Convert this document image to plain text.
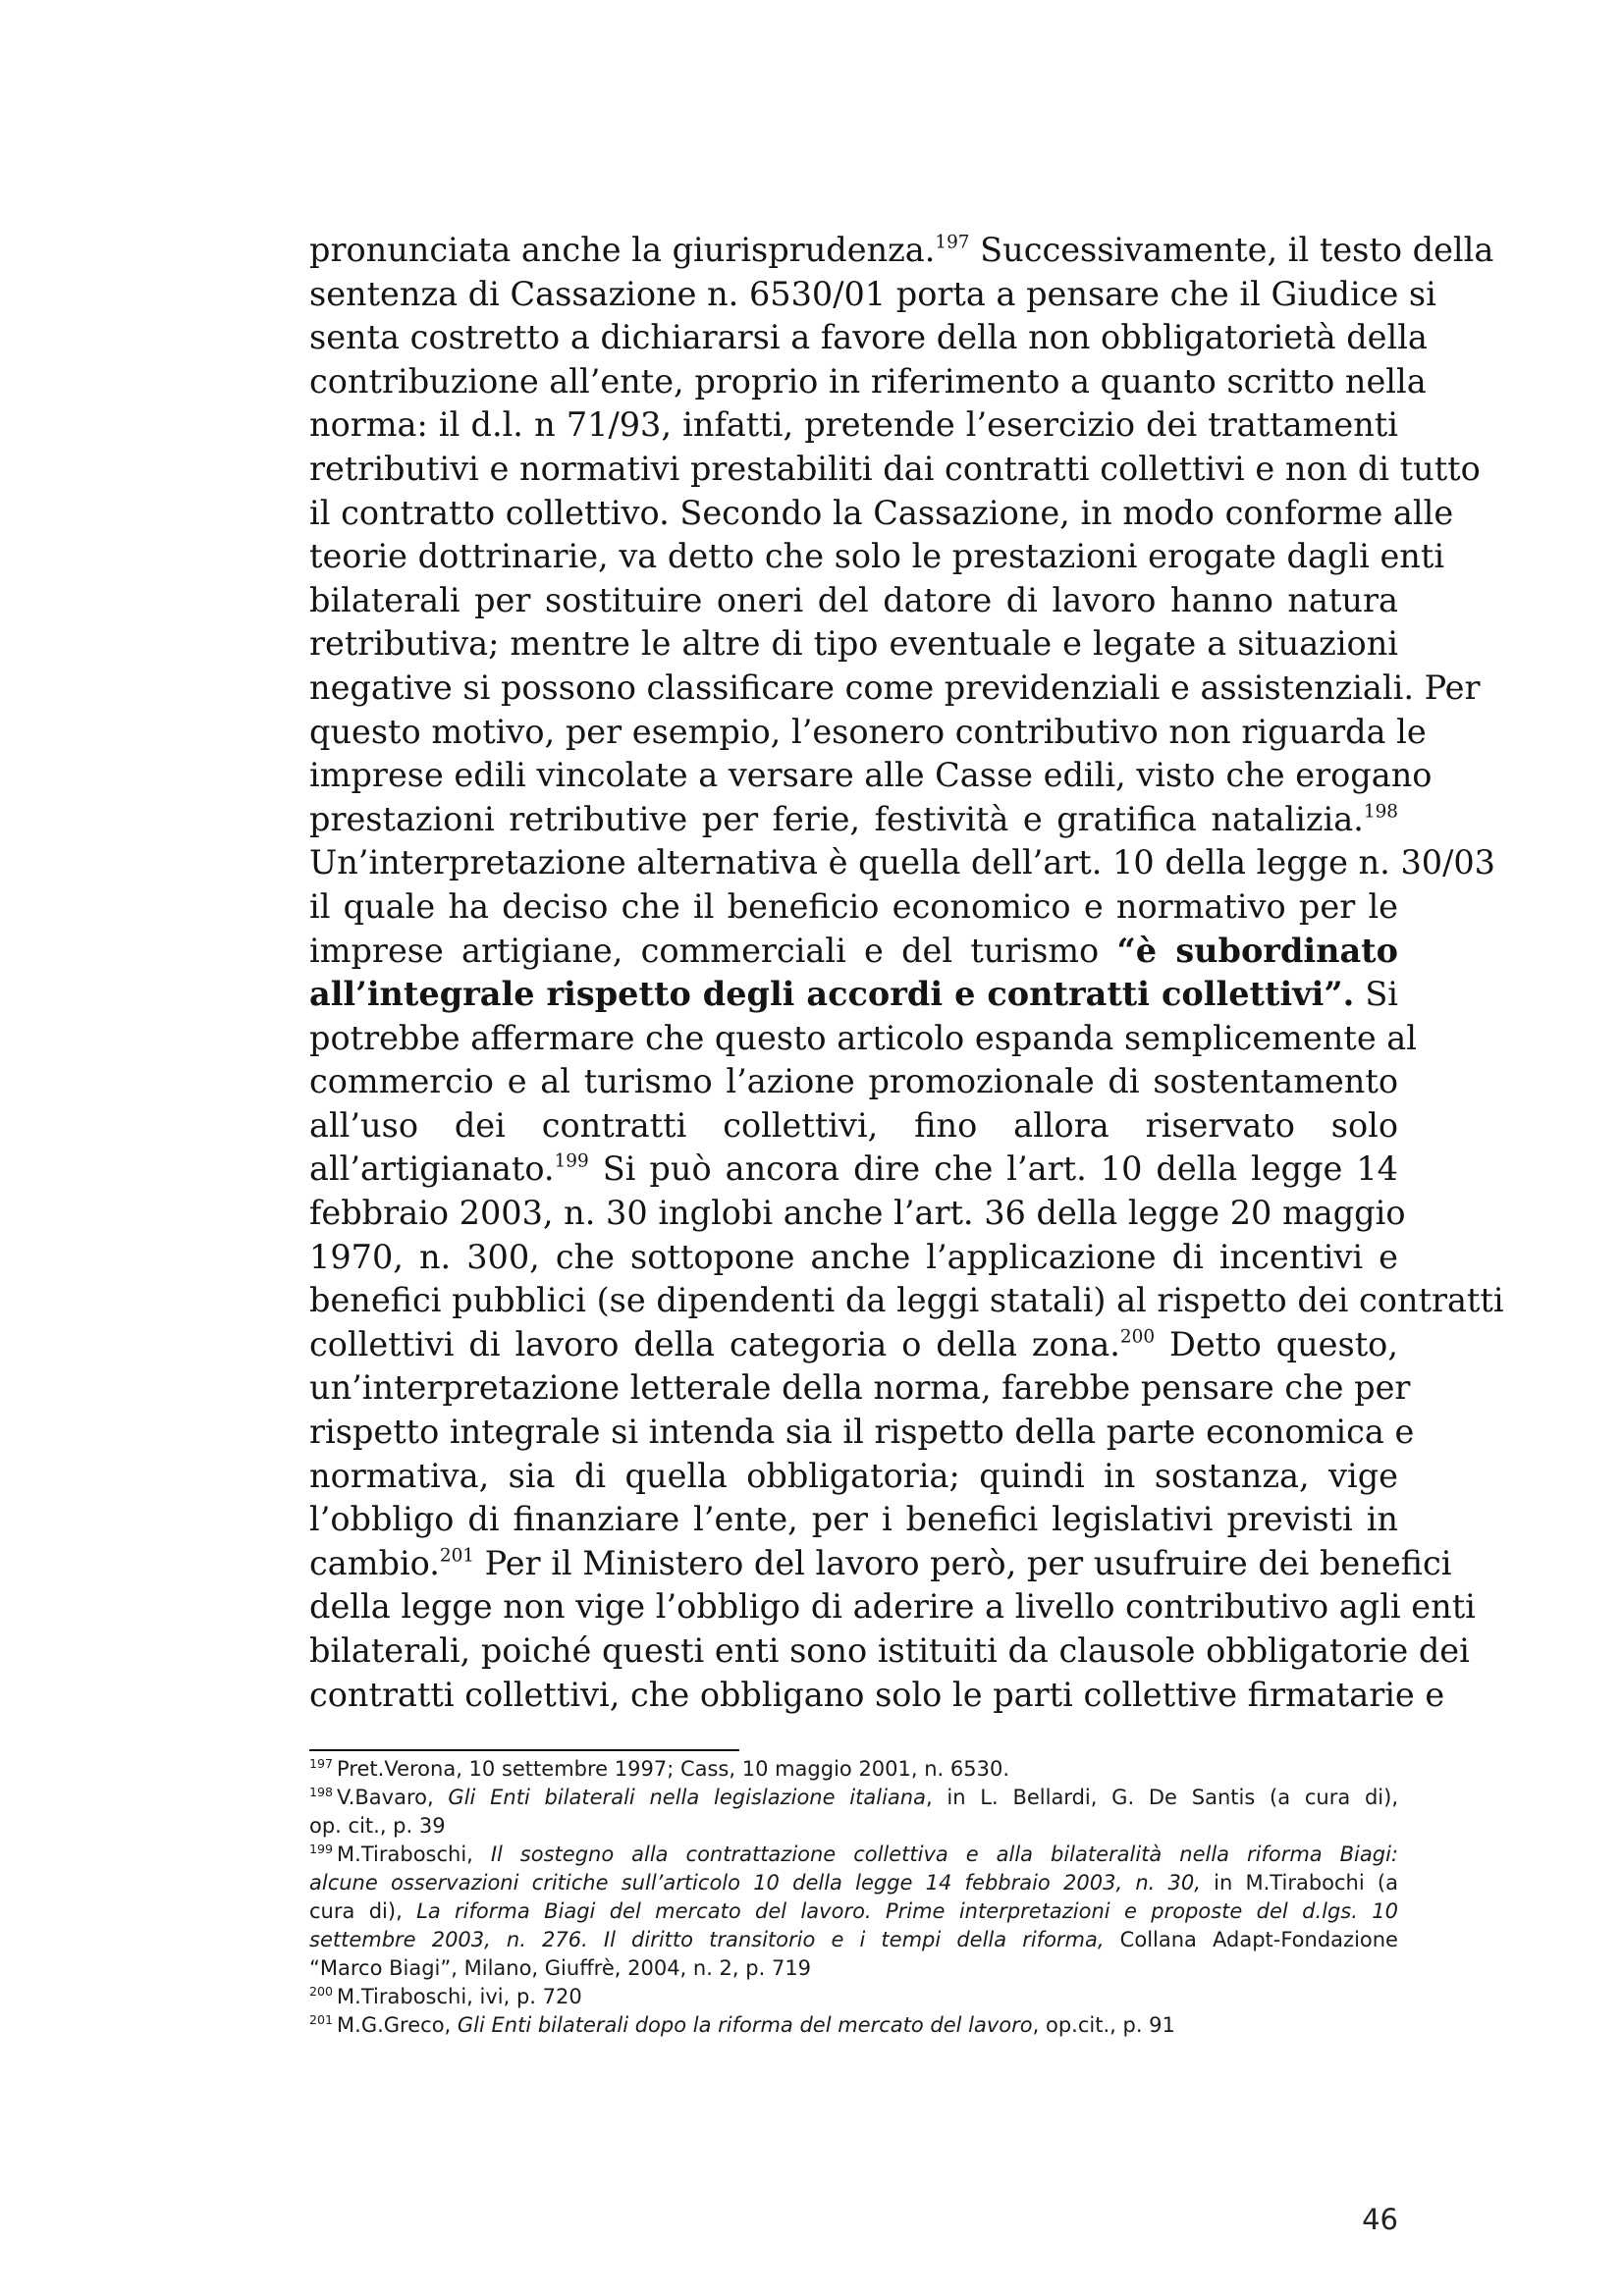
pronunciata anche la giurisprudenza.$^{197}$ Successivamente, il testo della
sentenza di Cassazione n. 6530/01 porta a pensare che il Giudice si
senta costretto a dichiararsi a favore della non obbligatorietà della
contribuzione all’ente, proprio in riferimento a quanto scritto nella
norma: il d.l. n 71/93, infatti, pretende l’esercizio dei trattamenti
retributivi e normativi prestabiliti dai contratti collettivi e non di tutto
il contratto collettivo. Secondo la Cassazione, in modo conforme alle
teorie dottrinarie, va detto che solo le prestazioni erogate dagli enti
bilaterali per sostituire oneri del datore di lavoro hanno natura
retributiva; mentre le altre di tipo eventuale e legate a situazioni
negative si possono classificare come previdenziali e assistenziali. Per
questo motivo, per esempio, l’esonero contributivo non riguarda le
imprese edili vincolate a versare alle Casse edili, visto che erogano
prestazioni retributive per ferie, festività e gratifica natalizia.$^{198}$
Un’interpretazione alternativa è quella dell’art. 10 della legge n. 30/03
il quale ha deciso che il beneficio economico e normativo per le
imprese artigiane, commerciali e del turismo “è subordinato
all’integrale rispetto degli accordi e contratti collettivi”. Si
potrebbe affermare che questo articolo espanda semplicemente al
commercio e al turismo l’azione promozionale di sostentamento
all’uso dei contratti collettivi, fino allora riservato solo
all’artigianato.$^{199}$ Si può ancora dire che l’art. 10 della legge 14
febbraio 2003, n. 30 inglobi anche l’art. 36 della legge 20 maggio
1970, n. 300, che sottopone anche l’applicazione di incentivi e
benefici pubblici (se dipendenti da leggi statali) al rispetto dei contratti
collettivi di lavoro della categoria o della zona.$^{200}$ Detto questo,
un’interpretazione letterale della norma, farebbe pensare che per
rispetto integrale si intenda sia il rispetto della parte economica e
normativa, sia di quella obbligatoria; quindi in sostanza, vige
l’obbligo di finanziare l’ente, per i benefici legislativi previsti in
cambio.$^{201}$ Per il Ministero del lavoro però, per usufruire dei benefici
della legge non vige l’obbligo di aderire a livello contributivo agli enti
bilaterali, poiché questi enti sono istituiti da clausole obbligatorie dei
contratti collettivi, che obbligano solo le parti collettive firmatarie e
$^{197}$ Pret.Verona, 10 settembre 1997; Cass, 10 maggio 2001, n. 6530.
$^{198}$ V.Bavaro, Gli Enti bilaterali nella legislazione italiana, in L. Bellardi, G. De Santis (a cura di),
op. cit., p. 39
$^{199}$ M.Tiraboschi, Il sostegno alla contrattazione collettiva e alla bilateralità nella riforma Biagi:
alcune osservazioni critiche sull’articolo 10 della legge 14 febbraio 2003, n. 30, in M.Tirabochi (a
cura di), La riforma Biagi del mercato del lavoro. Prime interpretazioni e proposte del d.lgs. 10
settembre 2003, n. 276. Il diritto transitorio e i tempi della riforma, Collana Adapt-Fondazione
“Marco Biagi”, Milano, Giuffrè, 2004, n. 2, p. 719
$^{200}$ M.Tiraboschi, ivi, p. 720
$^{201}$ M.G.Greco, Gli Enti bilaterali dopo la riforma del mercato del lavoro, op.cit., p. 91
46
